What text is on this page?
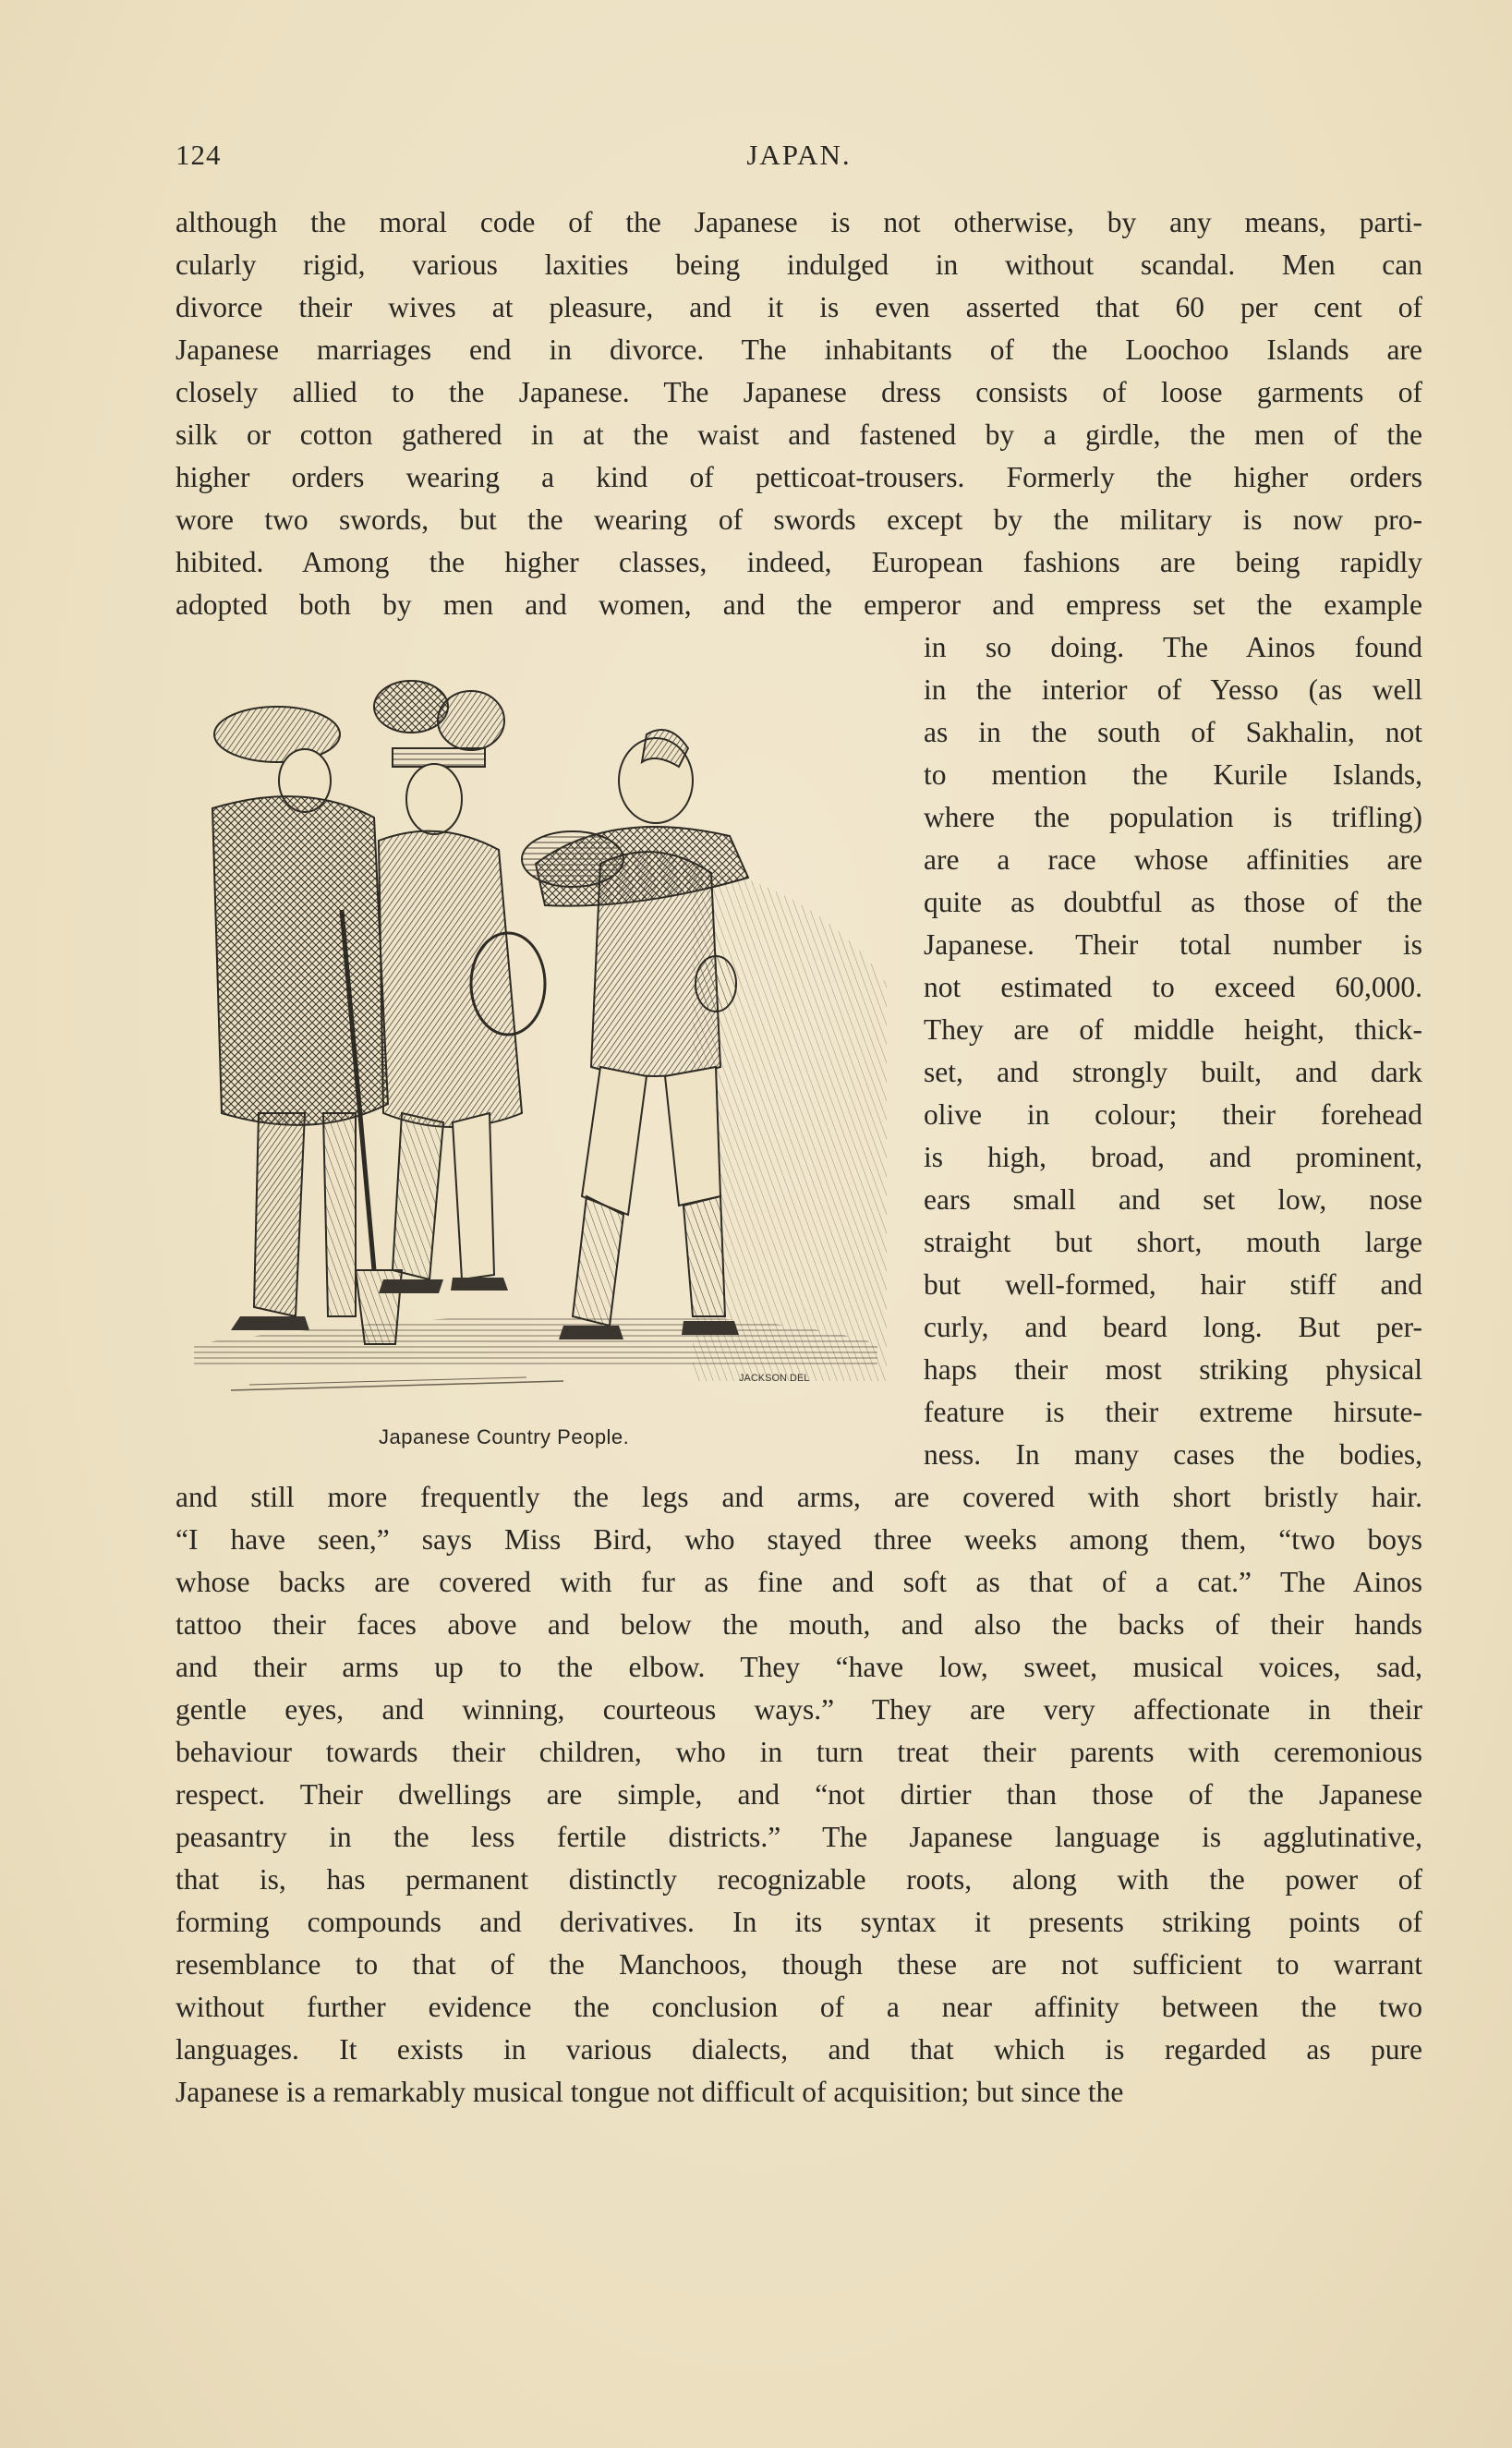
124	JAPAN.
although the moral code of the Japanese is not otherwise, by any means, parti-
cularly rigid, various laxities being indulged in without scandal. Men can
divorce their wives at pleasure, and it is even asserted that 60 per cent of
Japanese marriages end in divorce. The inhabitants of the Loochoo Islands are
closely allied to the Japanese. The Japanese dress consists of loose garments of
silk or cotton gathered in at the waist and fastened by a girdle, the men of the
higher orders wearing a kind of petticoat-trousers. Formerly the higher orders
wore two swords, but the wearing of swords except by the military is now pro-
hibited. Among the higher classes, indeed, European fashions are being rapidly
adopted both by men and women, and the emperor and empress set the example
in so doing. The Ainos found
in the interior of Yesso (as well
as in the south of Sakhalin, not
to mention the Kurile Islands,
where the population is trifling)
are a race whose affinities are
quite as doubtful as those of the
Japanese. Their total number is
not estimated to exceed 60,000.
They are of middle height, thick-
set, and strongly built, and dark
olive in colour; their forehead
is high, broad, and prominent,
ears small and set low, nose
straight but short, mouth large
but well-formed, hair stiff and
curly, and beard long. But per-
haps their most striking physical
feature is their extreme hirsute-
ness. In many cases the bodies,
JACKSON DEL
Japanese Country People.
and still more frequently the legs and arms, are covered with short bristly hair.
“I have seen,” says Miss Bird, who stayed three weeks among them, “two boys
whose backs are covered with fur as fine and soft as that of a cat.” The Ainos
tattoo their faces above and below the mouth, and also the backs of their hands
and their arms up to the elbow. They “have low, sweet, musical voices, sad,
gentle eyes, and winning, courteous ways.” They are very affectionate in their
behaviour towards their children, who in turn treat their parents with ceremonious
respect. Their dwellings are simple, and “not dirtier than those of the Japanese
peasantry in the less fertile districts.” The Japanese language is agglutinative,
that is, has permanent distinctly recognizable roots, along with the power of
forming compounds and derivatives. In its syntax it presents striking points of
resemblance to that of the Manchoos, though these are not sufficient to warrant
without further evidence the conclusion of a near affinity between the two
languages. It exists in various dialects, and that which is regarded as pure
Japanese is a remarkably musical tongue not difficult of acquisition; but since the
